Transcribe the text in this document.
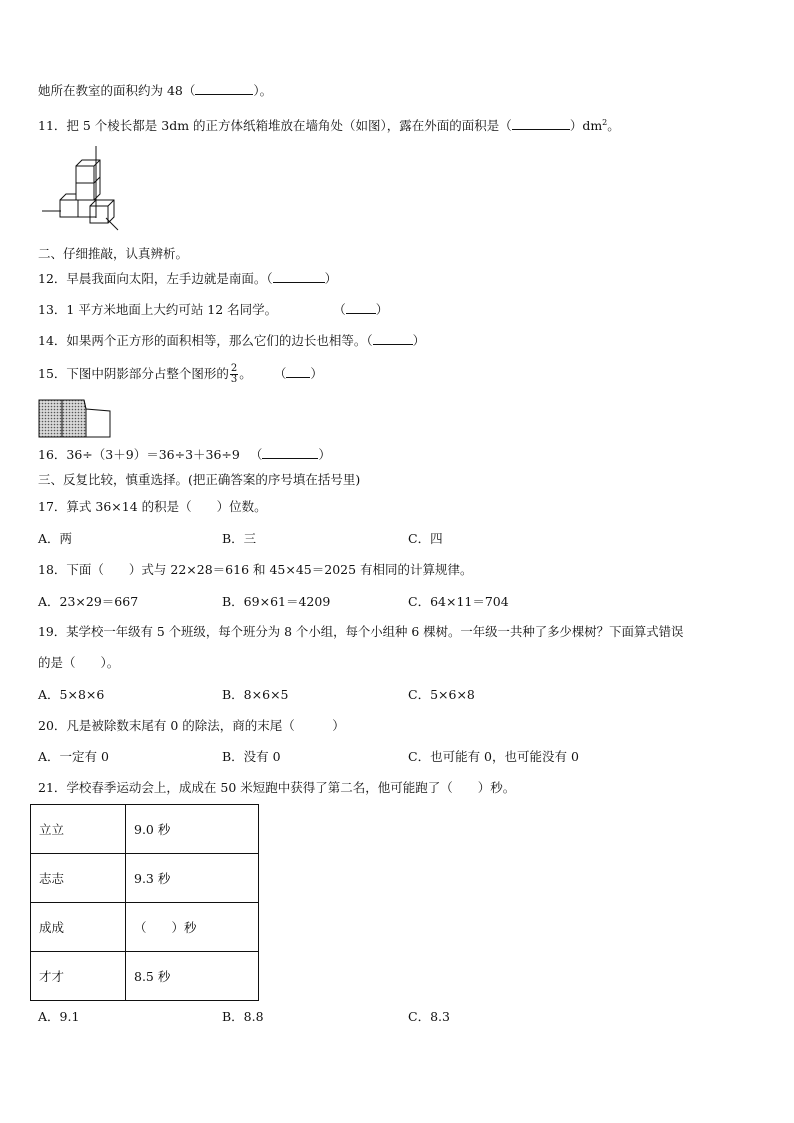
她所在教室的面积约为 48（	）。
11．把 5 个棱长都是 3dm 的正方体纸箱堆放在墙角处（如图），露在外面的面积是（	）$dm^2$。
二、仔细推敲，认真辨析。
12．早晨我面向太阳，左手边就是南面。（	）
13．1 平方米地面上大约可站 12 名同学。	（ ）
14．如果两个正方形的面积相等，那么它们的边长也相等。（	）
15．下图中阴影部分占整个图形的 $\frac{2}{3}$ 。 （ ）
16．36÷（3＋9）＝36÷3＋36÷9 （	）
三、反复比较，慎重选择。(把正确答案的序号填在括号里)
17．算式 36×14 的积是（　　）位数。
A．两	B．三	C．四
18．下面（　　）式与 22×28＝616 和 45×45＝2025 有相同的计算规律。
A．23×29＝667	B．69×61＝4209	C．64×11＝704
19．某学校一年级有 5 个班级，每个班分为 8 个小组，每个小组种 6 棵树。一年级一共种了多少棵树？下面算式错误
的是（　　）。
A．5×8×6	B．8×6×5	C．5×6×8
20．凡是被除数末尾有 0 的除法，商的末尾（　　　）
A．一定有 0	B．没有 0	C．也可能有 0，也可能没有 0
21．学校春季运动会上，成成在 50 米短跑中获得了第二名，他可能跑了（　　）秒。
立立	9.0 秒
志志	9.3 秒
成成	（　　）秒
才才	8.5 秒
A．9.1	B．8.8	C．8.3
